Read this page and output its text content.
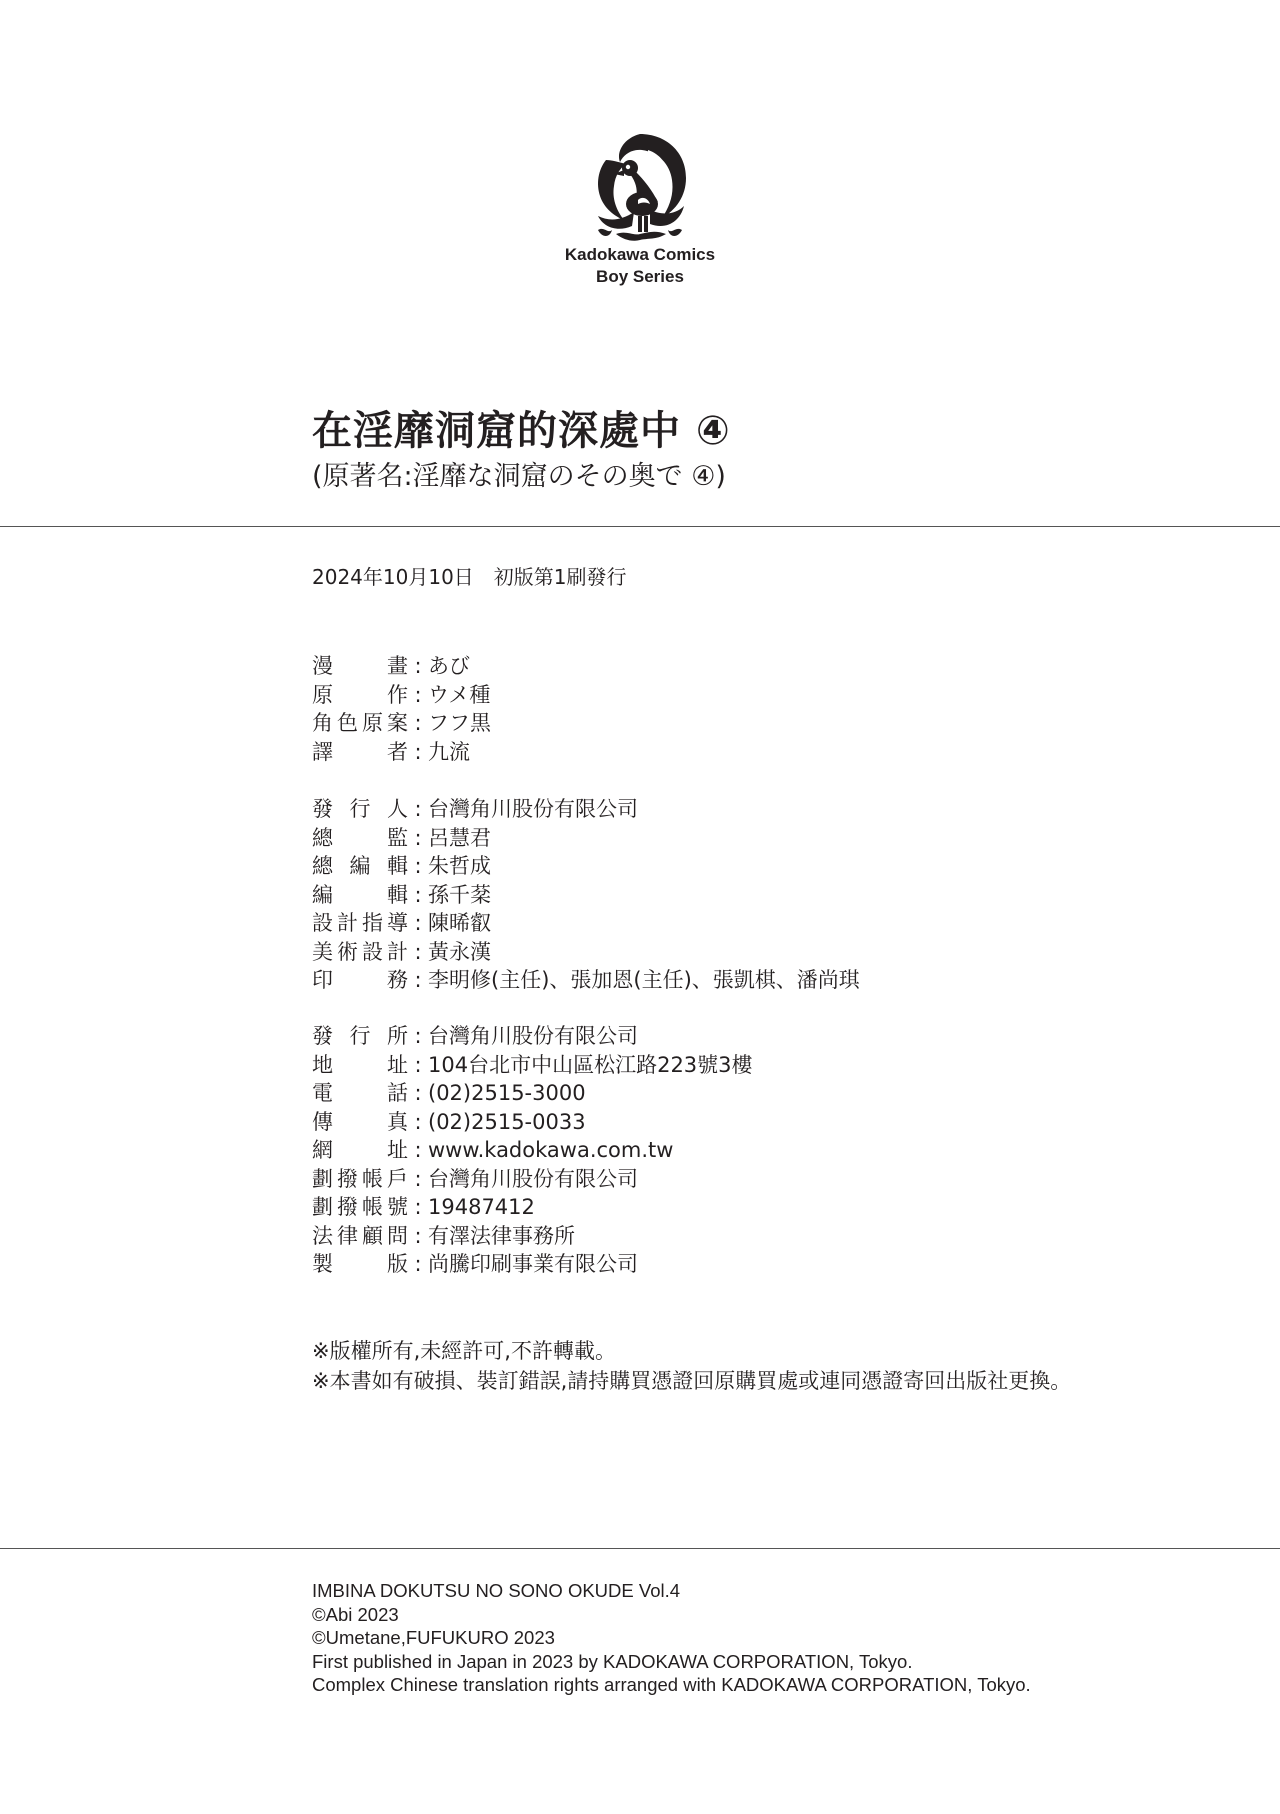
Kadokawa Comics
Boy Series
在淫靡洞窟的深處中 ④
(原著名:淫靡な洞窟のその奥で ④)
2024年10月10日　初版第1刷發行
漫	畫 : あび
原	作 : ウメ種
角 色 原 案 : フフ黒
譯	者 : 九流
發 行 人 : 台灣角川股份有限公司
總	監 : 呂慧君
總 編 輯 : 朱哲成
編	輯 : 孫千棻
設 計 指 導 : 陳晞叡
美 術 設 計 : 黃永漢
印	務 : 李明修(主任)、張加恩(主任)、張凱棋、潘尚琪
發 行 所 : 台灣角川股份有限公司
地	址 : 104台北市中山區松江路223號3樓
電	話 : (02)2515-3000
傳	真 : (02)2515-0033
網	址 : www.kadokawa.com.tw
劃 撥 帳 戶 : 台灣角川股份有限公司
劃 撥 帳 號 : 19487412
法 律 顧 問 : 有澤法律事務所
製	版 : 尚騰印刷事業有限公司
※版權所有,未經許可,不許轉載。
※本書如有破損、裝訂錯誤,請持購買憑證回原購買處或連同憑證寄回出版社更換。
IMBINA DOKUTSU NO SONO OKUDE Vol.4
©Abi 2023
©Umetane,FUFUKURO 2023
First published in Japan in 2023 by KADOKAWA CORPORATION, Tokyo.
Complex Chinese translation rights arranged with KADOKAWA CORPORATION, Tokyo.
